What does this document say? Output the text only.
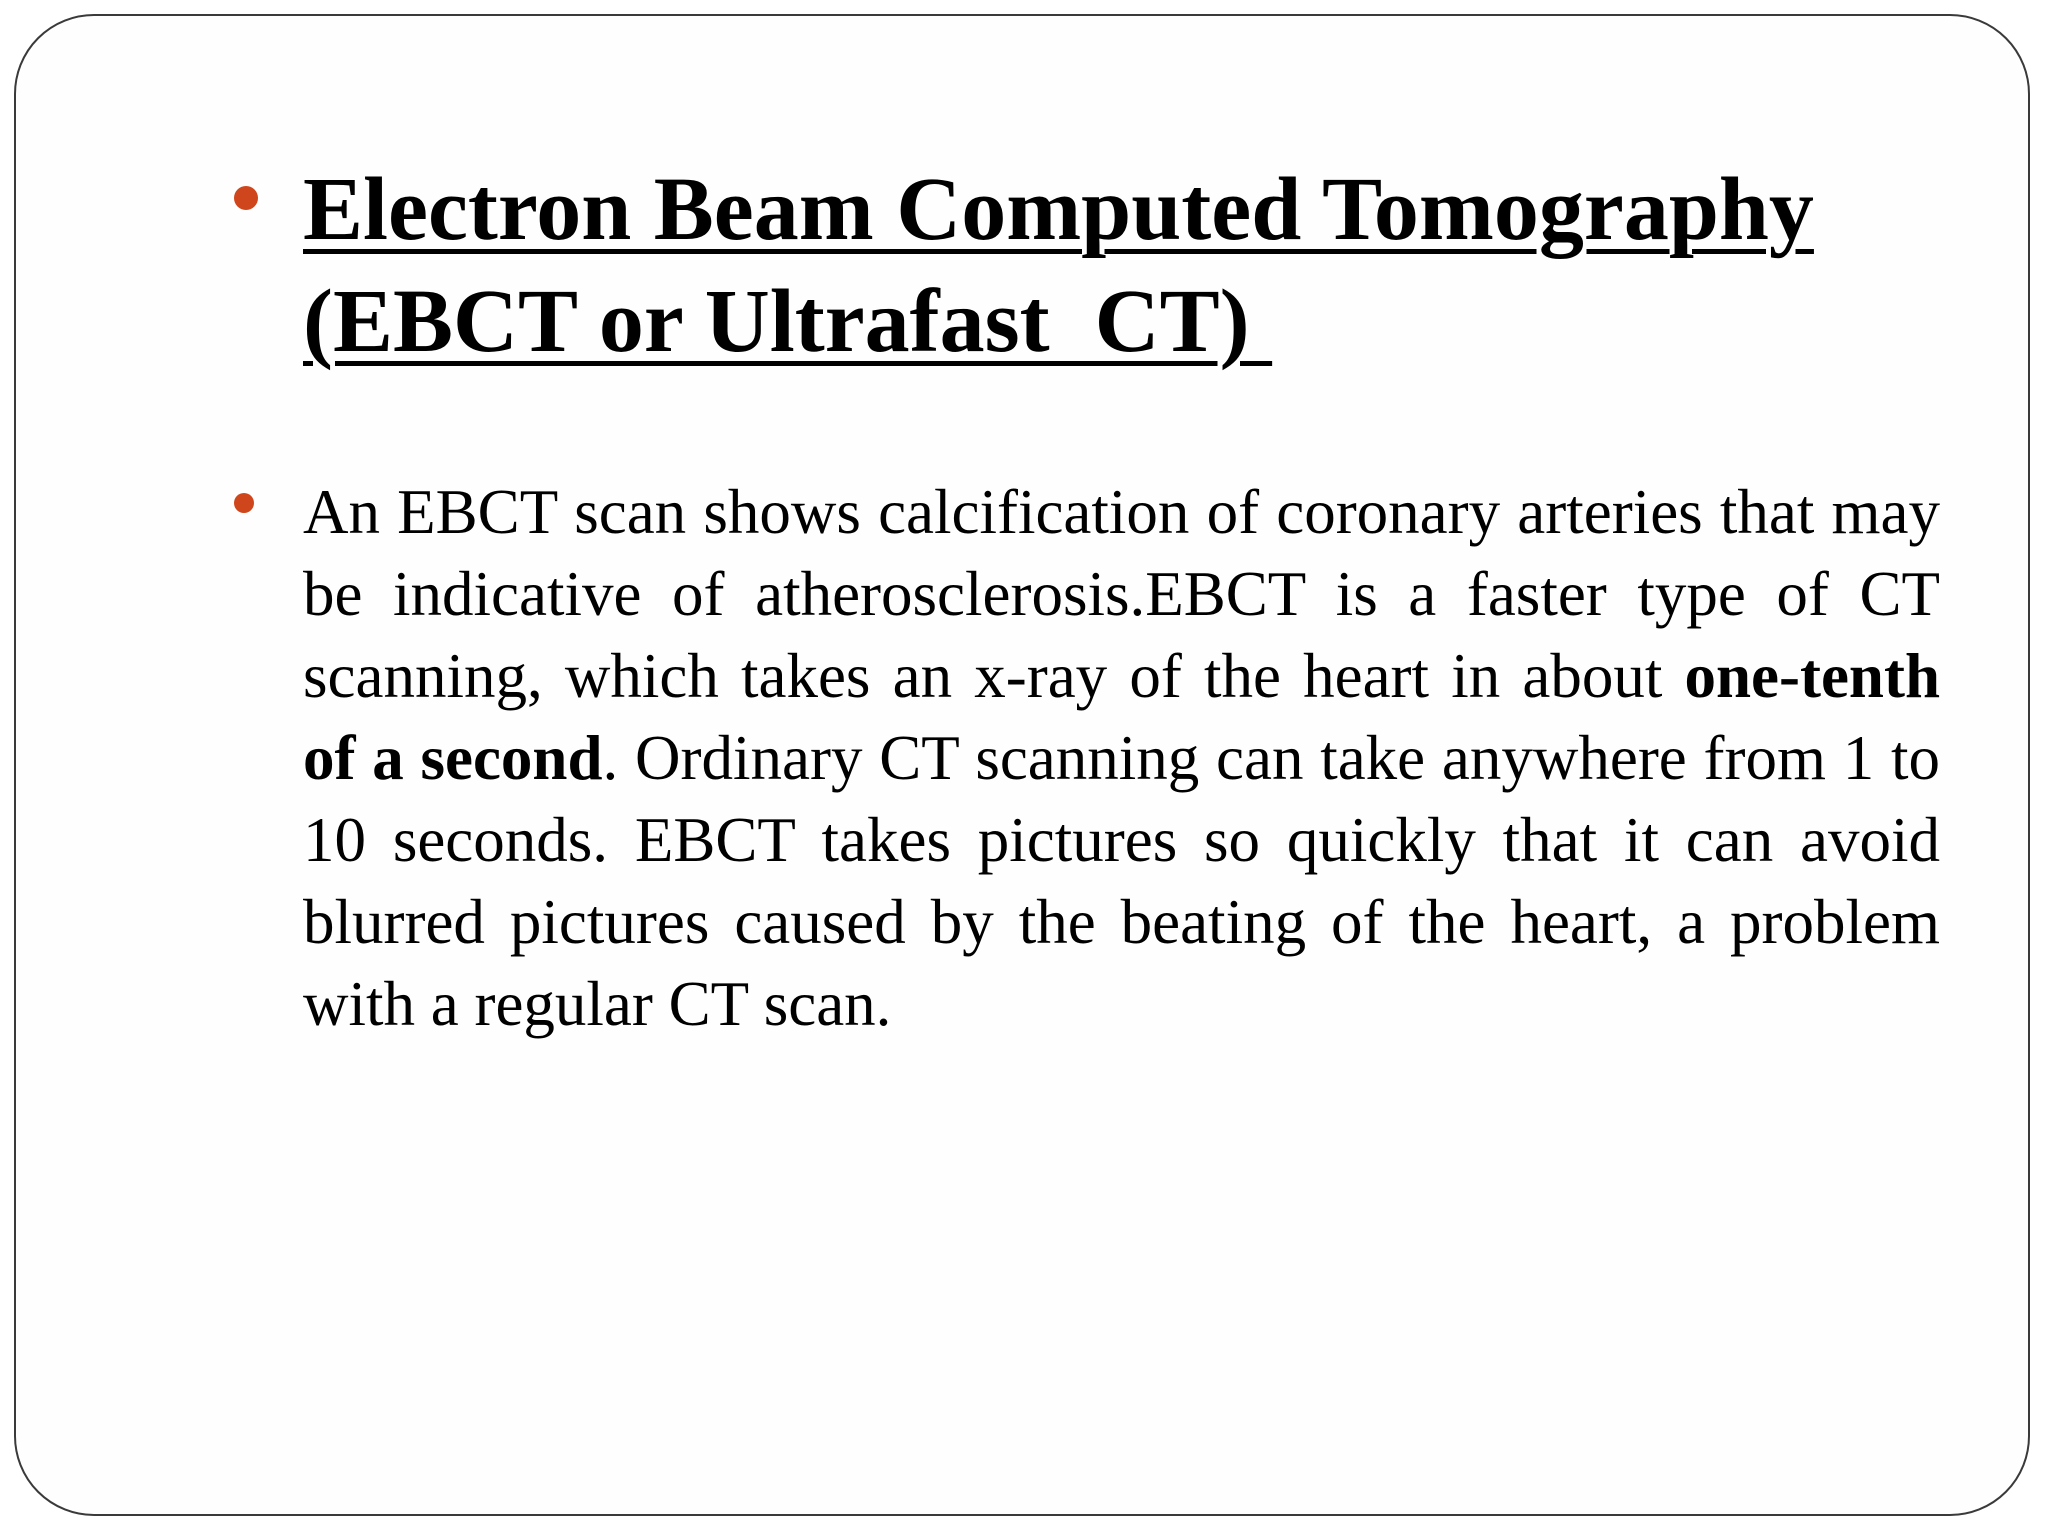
Electron Beam Computed Tomography
(EBCT or Ultrafast  CT)

An EBCT scan shows calcification of coronary arteries that may be indicative of atherosclerosis.EBCT is a faster type of CT scanning, which takes an x-ray of the heart in about one-tenth of a second. Ordinary CT scanning can take anywhere from 1 to 10 seconds. EBCT takes pictures so quickly that it can avoid blurred pictures caused by the beating of the heart, a problem with a regular CT scan.
